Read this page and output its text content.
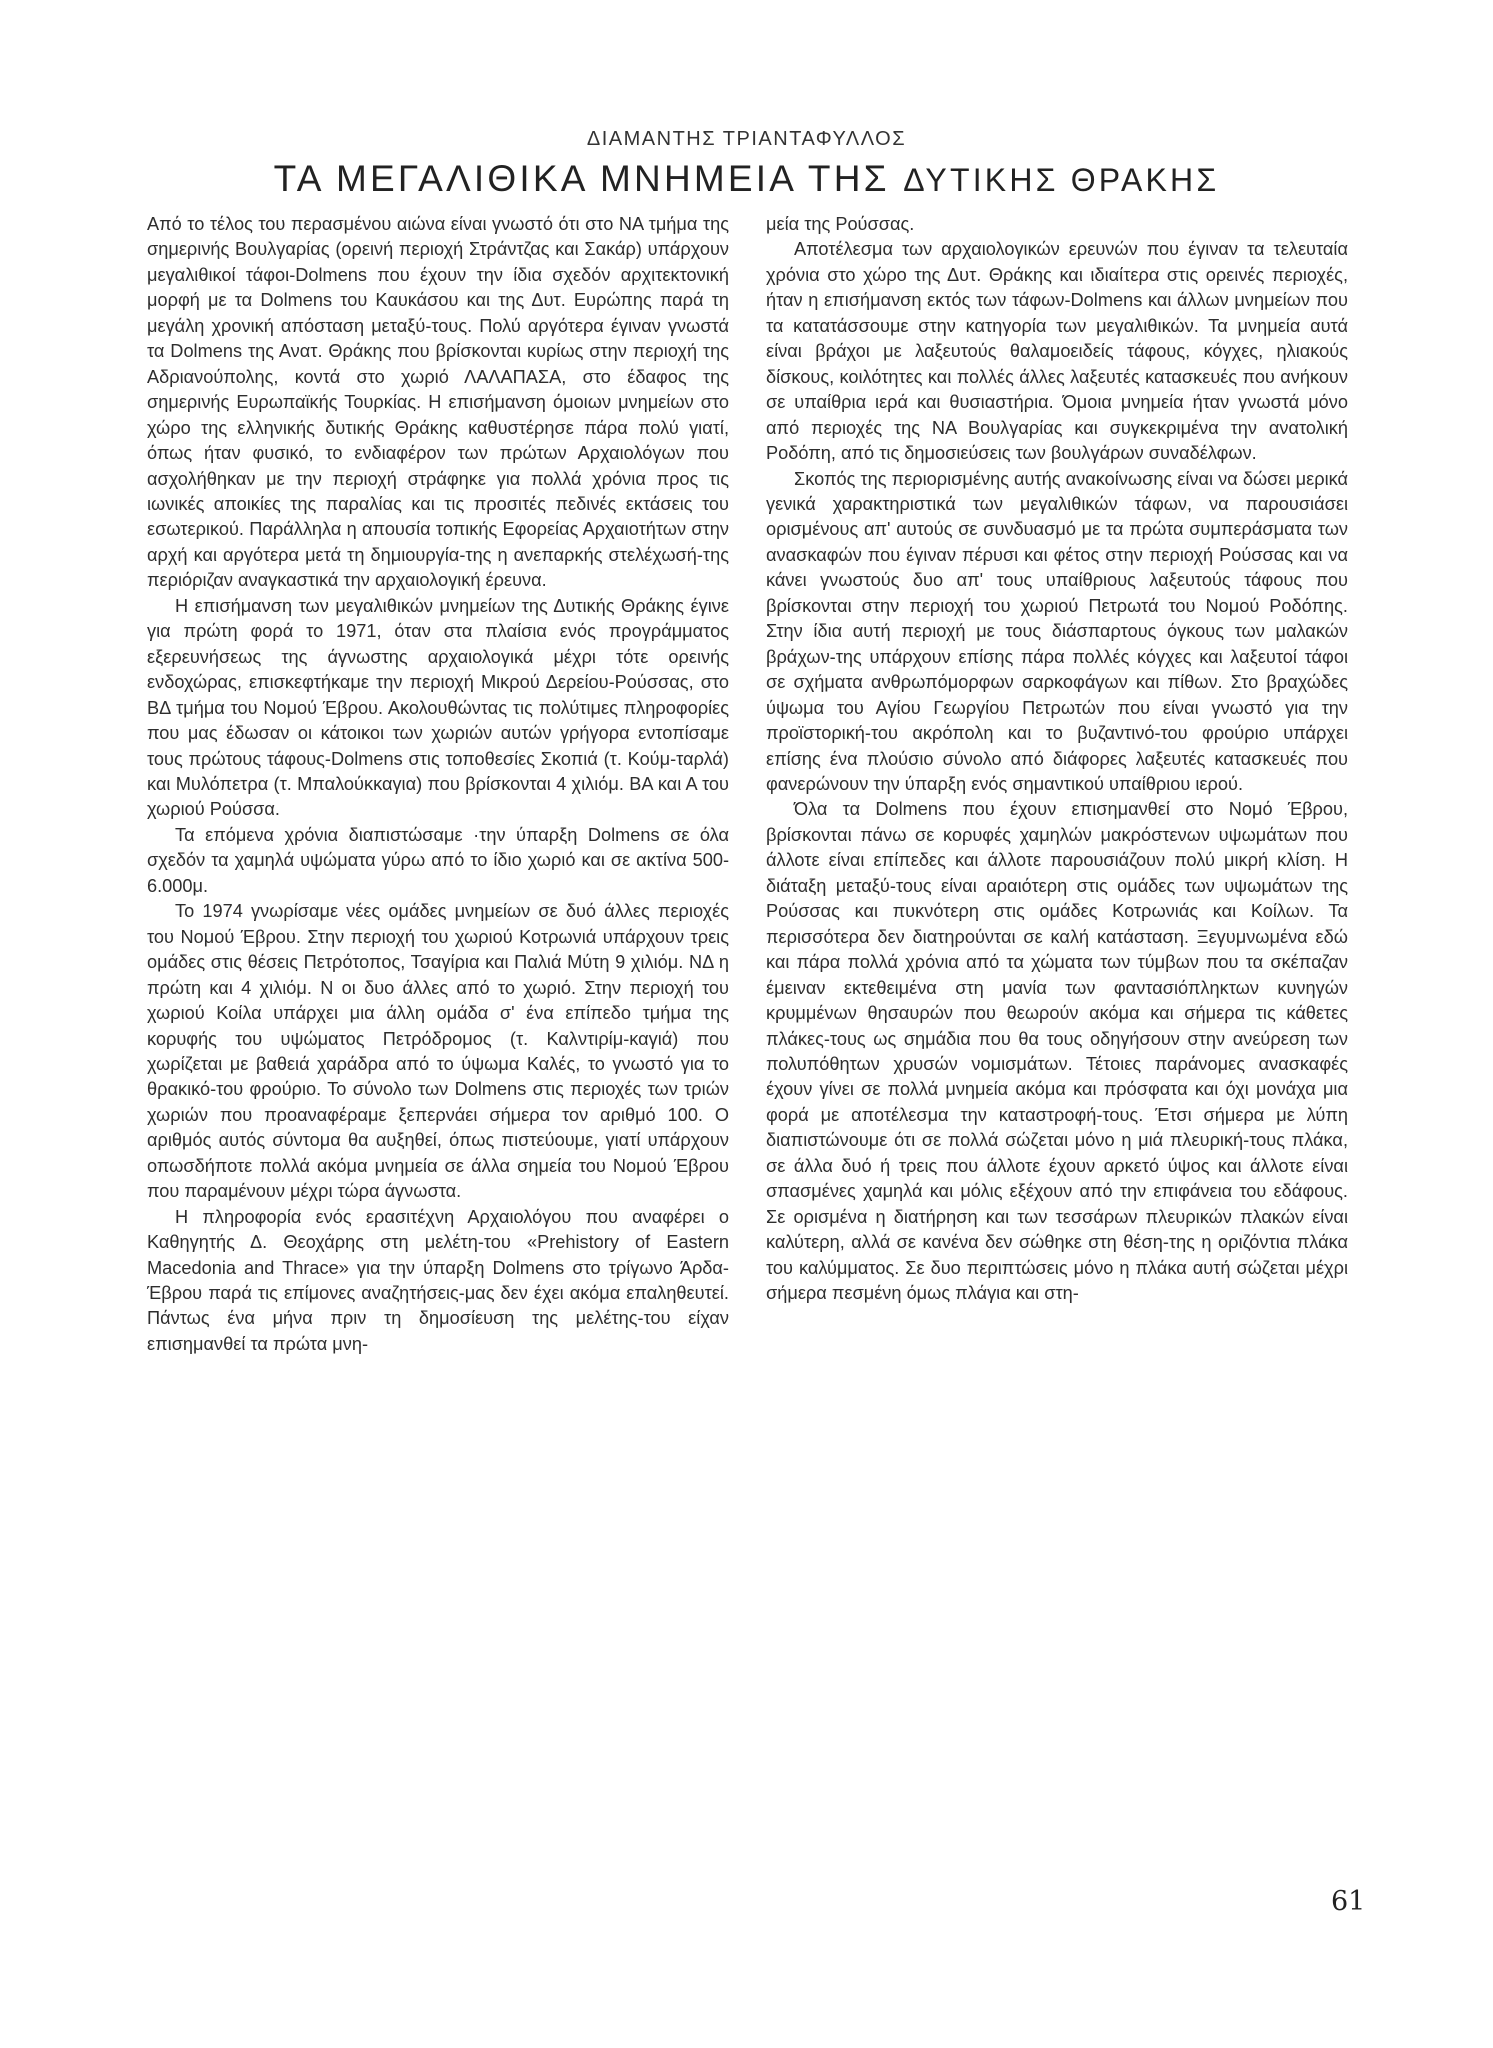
ΔΙΑΜΑΝΤΗΣ ΤΡΙΑΝΤΑΦΥΛΛΟΣ
ΤΑ ΜΕΓΑΛΙΘΙΚΑ ΜΝΗΜΕΙΑ ΤΗΣ ΔΥΤΙΚΗΣ ΘΡΑΚΗΣ

Από το τέλος του περασμένου αιώνα είναι γνωστό ότι στο ΝΑ τμήμα της σημερινής Βουλγαρίας (ορεινή περιοχή Στράντζας και Σακάρ) υπάρχουν μεγαλιθικοί τάφοι-Dolmens που έχουν την ίδια σχεδόν αρχιτεκτονική μορφή με τα Dolmens του Καυκάσου και της Δυτ. Ευρώπης παρά τη μεγάλη χρονική απόσταση μεταξύ-τους. Πολύ αργότερα έγιναν γνωστά τα Dolmens της Ανατ. Θράκης που βρίσκονται κυρίως στην περιοχή της Αδριανούπολης, κοντά στο χωριό ΛΑΛΑΠΑΣΑ, στο έδαφος της σημερινής Ευρωπαϊκής Τουρκίας. Η επισήμανση όμοιων μνημείων στο χώρο της ελληνικής δυτικής Θράκης καθυστέρησε πάρα πολύ γιατί, όπως ήταν φυσικό, το ενδιαφέρον των πρώτων Αρχαιολόγων που ασχολήθηκαν με την περιοχή στράφηκε για πολλά χρόνια προς τις ιωνικές αποικίες της παραλίας και τις προσιτές πεδινές εκτάσεις του εσωτερικού. Παράλληλα η απουσία τοπικής Εφορείας Αρχαιοτήτων στην αρχή και αργότερα μετά τη δημιουργία-της η ανεπαρκής στελέχωσή-της περιόριζαν αναγκαστικά την αρχαιολογική έρευνα.

Η επισήμανση των μεγαλιθικών μνημείων της Δυτικής Θράκης έγινε για πρώτη φορά το 1971, όταν στα πλαίσια ενός προγράμματος εξερευνήσεως της άγνωστης αρχαιολογικά μέχρι τότε ορεινής ενδοχώρας, επισκεφτήκαμε την περιοχή Μικρού Δερείου-Ρούσσας, στο ΒΔ τμήμα του Νομού Έβρου. Ακολουθώντας τις πολύτιμες πληροφορίες που μας έδωσαν οι κάτοικοι των χωριών αυτών γρήγορα εντοπίσαμε τους πρώτους τάφους-Dolmens στις τοποθεσίες Σκοπιά (τ. Κούμ-ταρλά) και Μυλόπετρα (τ. Μπαλούκκαγια) που βρίσκονται 4 χιλιόμ. ΒΑ και Α του χωριού Ρούσσα.

Τα επόμενα χρόνια διαπιστώσαμε ·την ύπαρξη Dolmens σε όλα σχεδόν τα χαμηλά υψώματα γύρω από το ίδιο χωριό και σε ακτίνα 500-6.000μ.

Το 1974 γνωρίσαμε νέες ομάδες μνημείων σε δυό άλλες περιοχές του Νομού Έβρου. Στην περιοχή του χωριού Κοτρωνιά υπάρχουν τρεις ομάδες στις θέσεις Πετρότοπος, Τσαγίρια και Παλιά Μύτη 9 χιλιόμ. ΝΔ η πρώτη και 4 χιλιόμ. Ν οι δυο άλλες από το χωριό. Στην περιοχή του χωριού Κοίλα υπάρχει μια άλλη ομάδα σ' ένα επίπεδο τμήμα της κορυφής του υψώματος Πετρόδρομος (τ. Καλντιρίμ-καγιά) που χωρίζεται με βαθειά χαράδρα από το ύψωμα Καλές, το γνωστό για το θρακικό-του φρούριο. Το σύνολο των Dolmens στις περιοχές των τριών χωριών που προαναφέραμε ξεπερνάει σήμερα τον αριθμό 100. Ο αριθμός αυτός σύντομα θα αυξηθεί, όπως πιστεύουμε, γιατί υπάρχουν οπωσδήποτε πολλά ακόμα μνημεία σε άλλα σημεία του Νομού Έβρου που παραμένουν μέχρι τώρα άγνωστα.

Η πληροφορία ενός ερασιτέχνη Αρχαιολόγου που αναφέρει ο Καθηγητής Δ. Θεοχάρης στη μελέτη-του «Prehistory of Eastern Macedonia and Thrace» για την ύπαρξη Dolmens στο τρίγωνο Άρδα-Έβρου παρά τις επίμονες αναζητήσεις-μας δεν έχει ακόμα επαληθευτεί. Πάντως ένα μήνα πριν τη δημοσίευση της μελέτης-του είχαν επισημανθεί τα πρώτα μνη-

μεία της Ρούσσας.

Αποτέλεσμα των αρχαιολογικών ερευνών που έγιναν τα τελευταία χρόνια στο χώρο της Δυτ. Θράκης και ιδιαίτερα στις ορεινές περιοχές, ήταν η επισήμανση εκτός των τάφων-Dolmens και άλλων μνημείων που τα κατατάσσουμε στην κατηγορία των μεγαλιθικών. Τα μνημεία αυτά είναι βράχοι με λαξευτούς θαλαμοειδείς τάφους, κόγχες, ηλιακούς δίσκους, κοιλότητες και πολλές άλλες λαξευτές κατασκευές που ανήκουν σε υπαίθρια ιερά και θυσιαστήρια. Όμοια μνημεία ήταν γνωστά μόνο από περιοχές της ΝΑ Βουλγαρίας και συγκεκριμένα την ανατολική Ροδόπη, από τις δημοσιεύσεις των βουλγάρων συναδέλφων.

Σκοπός της περιορισμένης αυτής ανακοίνωσης είναι να δώσει μερικά γενικά χαρακτηριστικά των μεγαλιθικών τάφων, να παρουσιάσει ορισμένους απ' αυτούς σε συνδυασμό με τα πρώτα συμπεράσματα των ανασκαφών που έγιναν πέρυσι και φέτος στην περιοχή Ρούσσας και να κάνει γνωστούς δυο απ' τους υπαίθριους λαξευτούς τάφους που βρίσκονται στην περιοχή του χωριού Πετρωτά του Νομού Ροδόπης. Στην ίδια αυτή περιοχή με τους διάσπαρτους όγκους των μαλακών βράχων-της υπάρχουν επίσης πάρα πολλές κόγχες και λαξευτοί τάφοι σε σχήματα ανθρωπόμορφων σαρκοφάγων και πίθων. Στο βραχώδες ύψωμα του Αγίου Γεωργίου Πετρωτών που είναι γνωστό για την προϊστορική-του ακρόπολη και το βυζαντινό-του φρούριο υπάρχει επίσης ένα πλούσιο σύνολο από διάφορες λαξευτές κατασκευές που φανερώνουν την ύπαρξη ενός σημαντικού υπαίθριου ιερού.

Όλα τα Dolmens που έχουν επισημανθεί στο Νομό Έβρου, βρίσκονται πάνω σε κορυφές χαμηλών μακρόστενων υψωμάτων που άλλοτε είναι επίπεδες και άλλοτε παρουσιάζουν πολύ μικρή κλίση. Η διάταξη μεταξύ-τους είναι αραιότερη στις ομάδες των υψωμάτων της Ρούσσας και πυκνότερη στις ομάδες Κοτρωνιάς και Κοίλων. Τα περισσότερα δεν διατηρούνται σε καλή κατάσταση. Ξεγυμνωμένα εδώ και πάρα πολλά χρόνια από τα χώματα των τύμβων που τα σκέπαζαν έμειναν εκτεθειμένα στη μανία των φαντασιόπληκτων κυνηγών κρυμμένων θησαυρών που θεωρούν ακόμα και σήμερα τις κάθετες πλάκες-τους ως σημάδια που θα τους οδηγήσουν στην ανεύρεση των πολυπόθητων χρυσών νομισμάτων. Τέτοιες παράνομες ανασκαφές έχουν γίνει σε πολλά μνημεία ακόμα και πρόσφατα και όχι μονάχα μια φορά με αποτέλεσμα την καταστροφή-τους. Έτσι σήμερα με λύπη διαπιστώνουμε ότι σε πολλά σώζεται μόνο η μιά πλευρική-τους πλάκα, σε άλλα δυό ή τρεις που άλλοτε έχουν αρκετό ύψος και άλλοτε είναι σπασμένες χαμηλά και μόλις εξέχουν από την επιφάνεια του εδάφους. Σε ορισμένα η διατήρηση και των τεσσάρων πλευρικών πλακών είναι καλύτερη, αλλά σε κανένα δεν σώθηκε στη θέση-της η οριζόντια πλάκα του καλύμματος. Σε δυο περιπτώσεις μόνο η πλάκα αυτή σώζεται μέχρι σήμερα πεσμένη όμως πλάγια και στη-

61
